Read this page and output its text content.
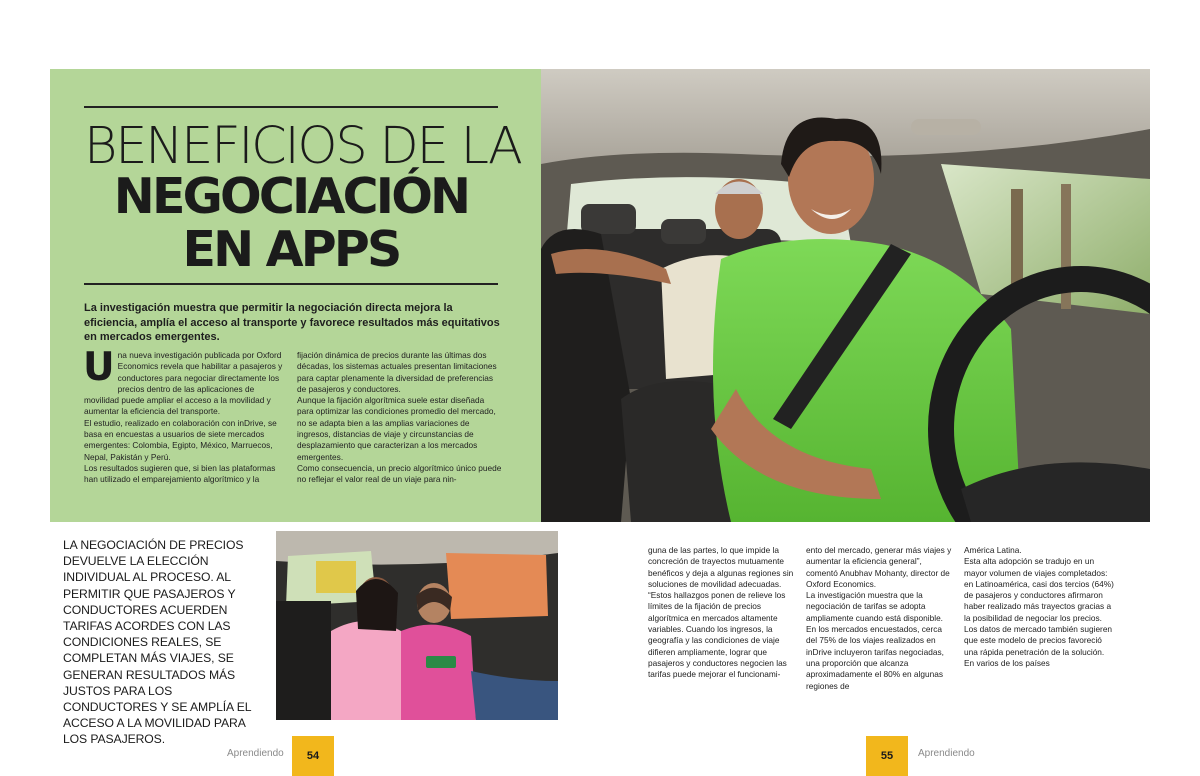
BENEFICIOS DE LA
NEGOCIACIÓN
EN APPS
La investigación muestra que permitir la negociación directa mejora la eficiencia, amplía el acceso al transporte y favorece resultados más equitativos en mercados emergentes.
U na nueva investigación publicada por Oxford Economics revela que habilitar a pasajeros y conductores para negociar directamente los precios dentro de las aplicaciones de movilidad puede ampliar el acceso a la movilidad y aumentar la eficiencia del transporte.

El estudio, realizado en colaboración con inDrive, se basa en encuestas a usuarios de siete mercados emergentes: Colombia, Egipto, México, Marruecos, Nepal, Pakistán y Perú.

Los resultados sugieren que, si bien las plataformas han utilizado el emparejamiento algorítmico y la

fijación dinámica de precios durante las últimas dos décadas, los sistemas actuales presentan limitaciones para captar plenamente la diversidad de preferencias de pasajeros y conductores.

Aunque la fijación algorítmica suele estar diseñada para optimizar las condiciones promedio del mercado, no se adapta bien a las amplias variaciones de ingresos, distancias de viaje y circunstancias de desplazamiento que caracterizan a los mercados emergentes.

Como consecuencia, un precio algorítmico único puede no reflejar el valor real de un viaje para nin-

LA NEGOCIACIÓN DE PRECIOS DEVUELVE LA ELECCIÓN INDIVIDUAL AL PROCESO. AL PERMITIR QUE PASAJEROS Y CONDUCTORES ACUERDEN TARIFAS ACORDES CON LAS CONDICIONES REALES, SE COMPLETAN MÁS VIAJES, SE GENERAN RESULTADOS MÁS JUSTOS PARA LOS CONDUCTORES Y SE AMPLÍA EL ACCESO A LA MOVILIDAD PARA LOS PASAJEROS.

guna de las partes, lo que impide la concreción de trayectos mutuamente benéficos y deja a algunas regiones sin soluciones de movilidad adecuadas.

“Estos hallazgos ponen de relieve los límites de la fijación de precios algorítmica en mercados altamente variables. Cuando los ingresos, la geografía y las condiciones de viaje difieren ampliamente, lograr que pasajeros y conductores negocien las tarifas puede mejorar el funcionami-

ento del mercado, generar más viajes y aumentar la eficiencia general”, comentó Anubhav Mohanty, director de Oxford Economics.

La investigación muestra que la negociación de tarifas se adopta ampliamente cuando está disponible. En los mercados encuestados, cerca del 75% de los viajes realizados en inDrive incluyeron tarifas negociadas, una proporción que alcanza aproximadamente el 80% en algunas regiones de

América Latina.

Esta alta adopción se tradujo en un mayor volumen de viajes completados: en Latinoamérica, casi dos tercios (64%) de pasajeros y conductores afirmaron haber realizado más trayectos gracias a la posibilidad de negociar los precios.

Los datos de mercado también sugieren que este modelo de precios favoreció una rápida penetración de la solución. En varios de los países

Aprendiendo	54	55	Aprendiendo
